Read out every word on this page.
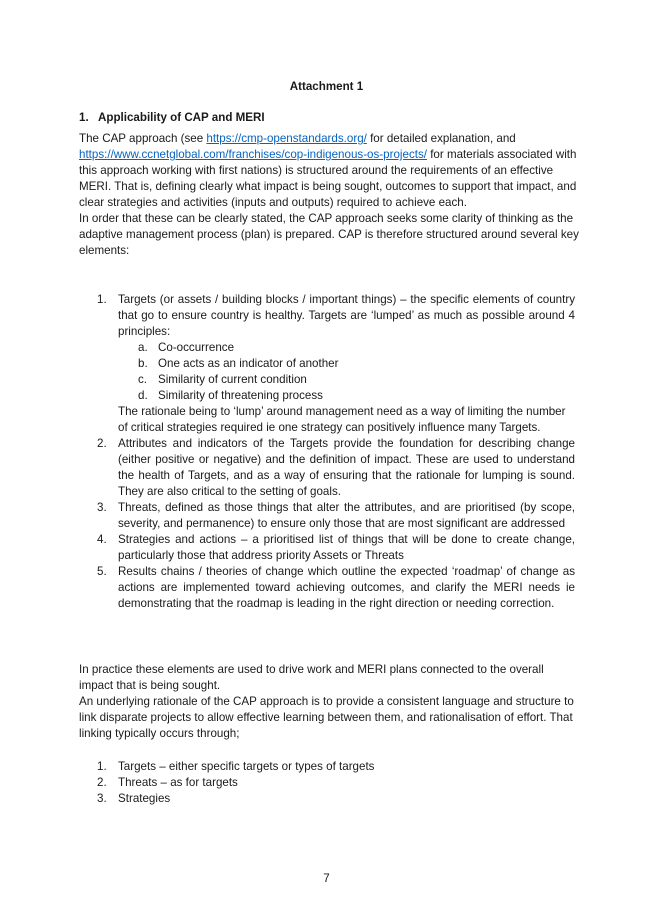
Attachment 1
1. Applicability of CAP and MERI

The CAP approach (see https://cmp-openstandards.org/ for detailed explanation, and https://www.ccnetglobal.com/franchises/cop-indigenous-os-projects/ for materials associated with this approach working with first nations) is structured around the requirements of an effective MERI. That is, defining clearly what impact is being sought, outcomes to support that impact, and clear strategies and activities (inputs and outputs) required to achieve each.

In order that these can be clearly stated, the CAP approach seeks some clarity of thinking as the adaptive management process (plan) is prepared. CAP is therefore structured around several key elements:

1. Targets (or assets / building blocks / important things) – the specific elements of country that go to ensure country is healthy. Targets are ‘lumped’ as much as possible around 4 principles:
a. Co-occurrence
b. One acts as an indicator of another
c. Similarity of current condition
d. Similarity of threatening process
The rationale being to ‘lump’ around management need as a way of limiting the number of critical strategies required ie one strategy can positively influence many Targets.
2. Attributes and indicators of the Targets provide the foundation for describing change (either positive or negative) and the definition of impact. These are used to understand the health of Targets, and as a way of ensuring that the rationale for lumping is sound. They are also critical to the setting of goals.
3. Threats, defined as those things that alter the attributes, and are prioritised (by scope, severity, and permanence) to ensure only those that are most significant are addressed
4. Strategies and actions – a prioritised list of things that will be done to create change, particularly those that address priority Assets or Threats
5. Results chains / theories of change which outline the expected ‘roadmap’ of change as actions are implemented toward achieving outcomes, and clarify the MERI needs ie demonstrating that the roadmap is leading in the right direction or needing correction.

In practice these elements are used to drive work and MERI plans connected to the overall impact that is being sought.

An underlying rationale of the CAP approach is to provide a consistent language and structure to link disparate projects to allow effective learning between them, and rationalisation of effort. That linking typically occurs through;

1. Targets – either specific targets or types of targets
2. Threats – as for targets
3. Strategies
7
